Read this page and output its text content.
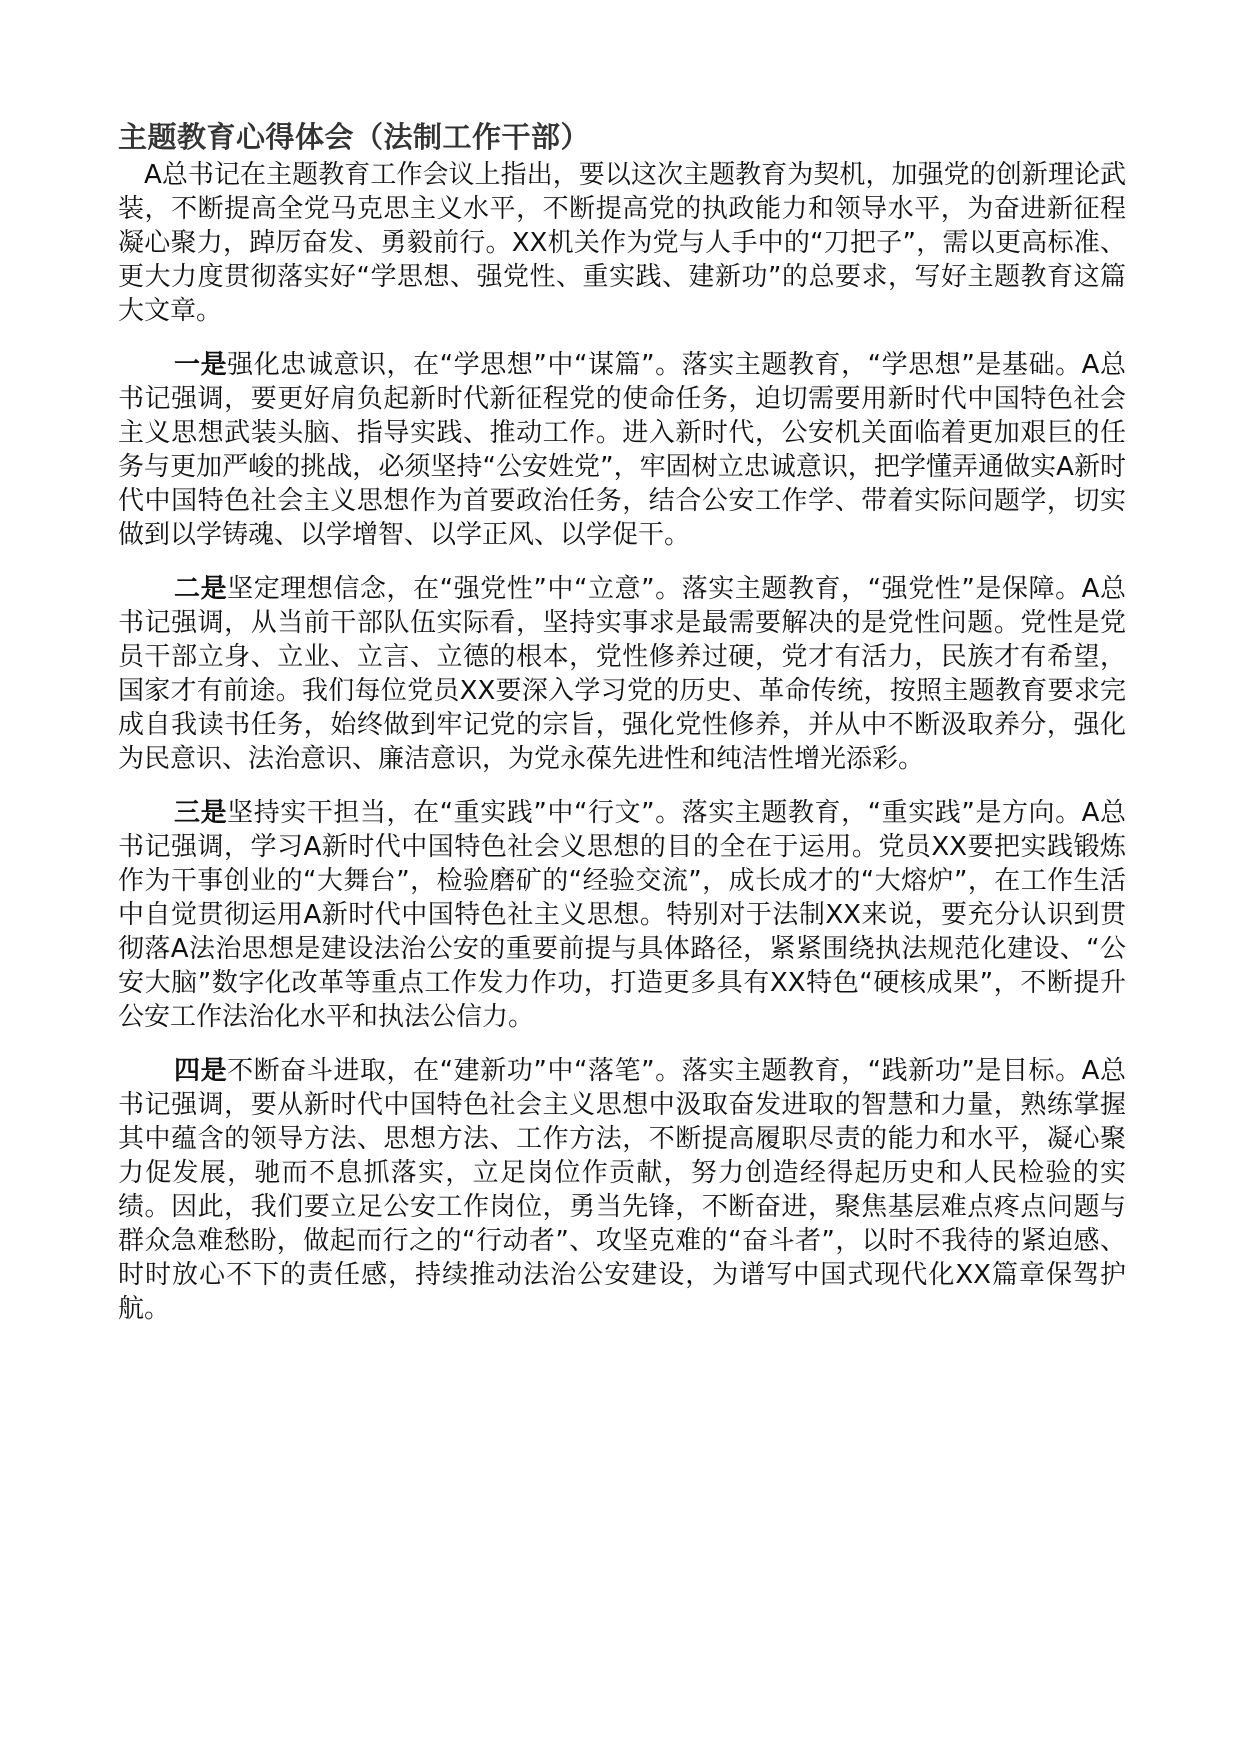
主题教育心得体会（法制工作干部）

A总书记在主题教育工作会议上指出，要以这次主题教育为契机，加强党的创新理论武装，不断提高全党马克思主义水平，不断提高党的执政能力和领导水平，为奋进新征程凝心聚力，踔厉奋发、勇毅前行。XX机关作为党与人手中的“刀把子”，需以更高标准、更大力度贯彻落实好“学思想、强党性、重实践、建新功”的总要求，写好主题教育这篇大文章。

一是强化忠诚意识，在“学思想”中“谋篇”。落实主题教育，“学思想”是基础。A总书记强调，要更好肩负起新时代新征程党的使命任务，迫切需要用新时代中国特色社会主义思想武装头脑、指导实践、推动工作。进入新时代，公安机关面临着更加艰巨的任务与更加严峻的挑战，必须坚持“公安姓党”，牢固树立忠诚意识，把学懂弄通做实A新时代中国特色社会主义思想作为首要政治任务，结合公安工作学、带着实际问题学，切实做到以学铸魂、以学增智、以学正风、以学促干。

二是坚定理想信念，在“强党性”中“立意”。落实主题教育，“强党性”是保障。A总书记强调，从当前干部队伍实际看，坚持实事求是最需要解决的是党性问题。党性是党员干部立身、立业、立言、立德的根本，党性修养过硬，党才有活力，民族才有希望，国家才有前途。我们每位党员XX要深入学习党的历史、革命传统，按照主题教育要求完成自我读书任务，始终做到牢记党的宗旨，强化党性修养，并从中不断汲取养分，强化为民意识、法治意识、廉洁意识，为党永葆先进性和纯洁性增光添彩。

三是坚持实干担当，在“重实践”中“行文”。落实主题教育，“重实践”是方向。A总书记强调，学习A新时代中国特色社会义思想的目的全在于运用。党员XX要把实践锻炼作为干事创业的“大舞台”，检验磨矿的“经验交流”，成长成才的“大熔炉”，在工作生活中自觉贯彻运用A新时代中国特色社主义思想。特别对于法制XX来说，要充分认识到贯彻落A法治思想是建设法治公安的重要前提与具体路径，紧紧围绕执法规范化建设、“公安大脑”数字化改革等重点工作发力作功，打造更多具有XX特色“硬核成果”，不断提升公安工作法治化水平和执法公信力。

四是不断奋斗进取，在“建新功”中“落笔”。落实主题教育，“践新功”是目标。A总书记强调，要从新时代中国特色社会主义思想中汲取奋发进取的智慧和力量，熟练掌握其中蕴含的领导方法、思想方法、工作方法，不断提高履职尽责的能力和水平，凝心聚力促发展，驰而不息抓落实，立足岗位作贡献，努力创造经得起历史和人民检验的实绩。因此，我们要立足公安工作岗位，勇当先锋，不断奋进，聚焦基层难点疼点问题与群众急难愁盼，做起而行之的“行动者”、攻坚克难的“奋斗者”，以时不我待的紧迫感、时时放心不下的责任感，持续推动法治公安建设，为谱写中国式现代化XX篇章保驾护航。
